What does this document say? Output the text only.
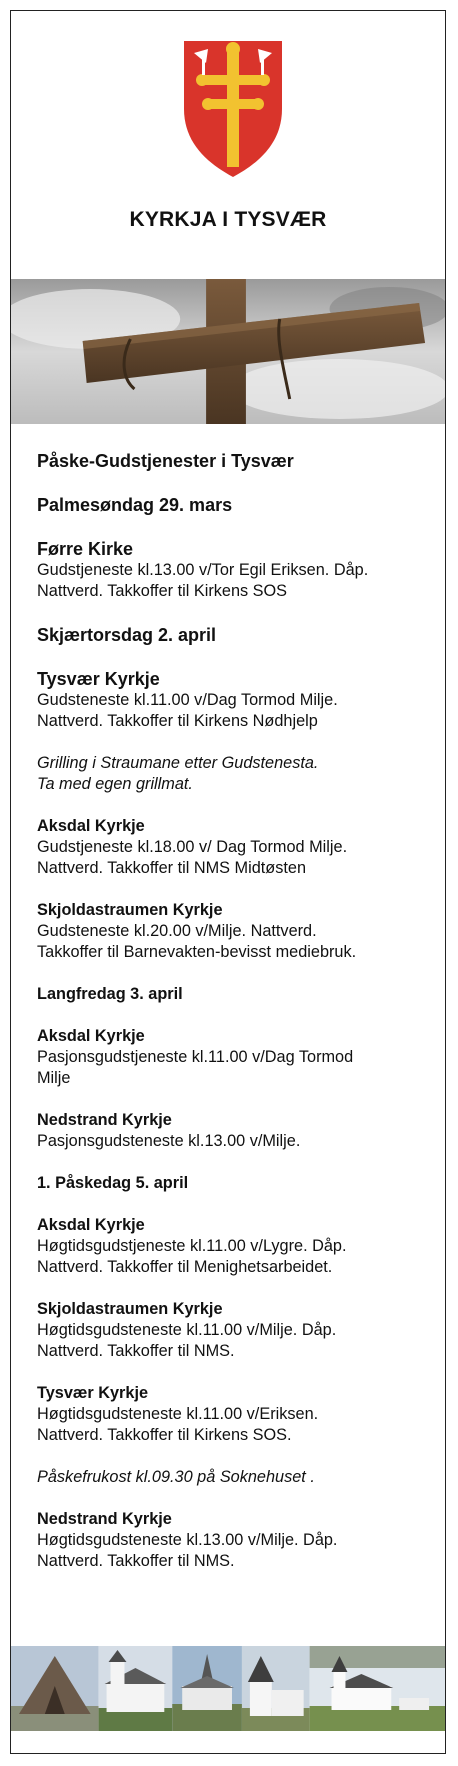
KYRKJA I TYSVÆR
Påske-Gudstjenester i Tysvær
Palmesøndag 29. mars
Førre Kirke
Gudstjeneste kl.13.00 v/Tor Egil Eriksen. Dåp.
Nattverd. Takkoffer til Kirkens SOS
Skjærtorsdag 2. april
Tysvær Kyrkje
Gudsteneste kl.11.00 v/Dag Tormod Milje.
Nattverd. Takkoffer til Kirkens Nødhjelp
Grilling i Straumane etter Gudstenesta.
Ta med egen grillmat.
Aksdal Kyrkje
Gudstjeneste kl.18.00 v/ Dag Tormod Milje.
Nattverd. Takkoffer til NMS Midtøsten
Skjoldastraumen Kyrkje
Gudsteneste kl.20.00 v/Milje. Nattverd.
Takkoffer til Barnevakten-bevisst mediebruk.
Langfredag 3. april
Aksdal Kyrkje
Pasjonsgudstjeneste kl.11.00 v/Dag Tormod
Milje
Nedstrand Kyrkje
Pasjonsgudsteneste kl.13.00 v/Milje.
1. Påskedag 5. april
Aksdal Kyrkje
Høgtidsgudstjeneste kl.11.00 v/Lygre. Dåp.
Nattverd. Takkoffer til Menighetsarbeidet.
Skjoldastraumen Kyrkje
Høgtidsgudsteneste kl.11.00 v/Milje. Dåp.
Nattverd. Takkoffer til NMS.
Tysvær Kyrkje
Høgtidsgudsteneste kl.11.00 v/Eriksen.
Nattverd. Takkoffer til Kirkens SOS.
Påskefrukost kl.09.30 på Soknehuset .
Nedstrand Kyrkje
Høgtidsgudsteneste kl.13.00 v/Milje. Dåp.
Nattverd. Takkoffer til NMS.
